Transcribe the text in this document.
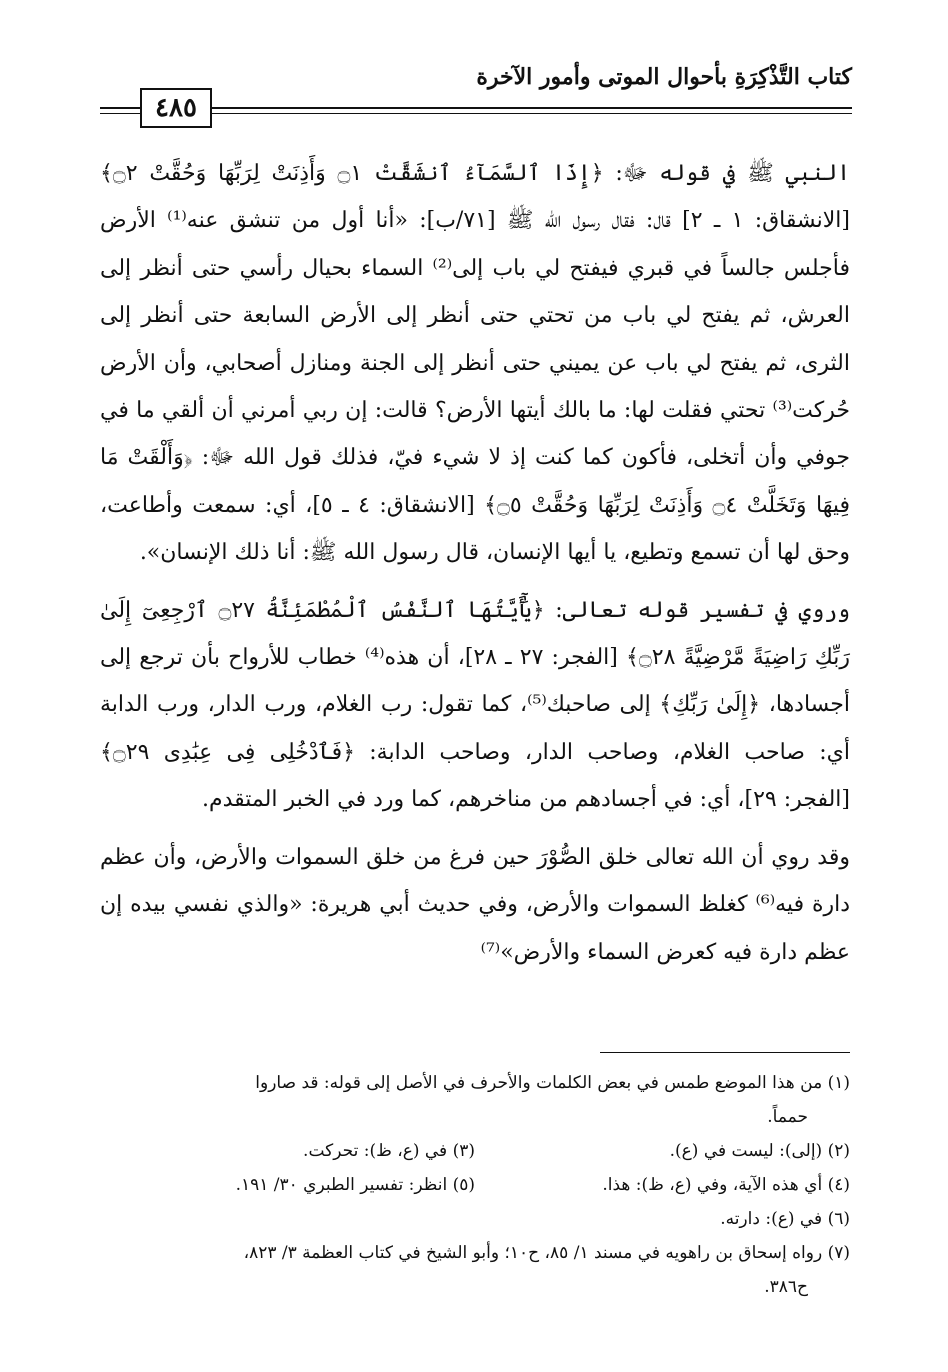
كتاب التَّذْكِرَةِ بأحوال الموتى وأمور الآخرة
٤٨٥

النبي ﷺ في قوله ﷻ: ﴿إِذَا ٱلسَّمَآءُ ٱنشَقَّتْ ۝١ وَأَذِنَتْ لِرَبِّهَا وَحُقَّتْ ۝٢﴾ [الانشقاق: ١ ـ ٢] قال: فقال رسول الله ﷺ [٧١/ب]: «أنا أول من تنشق عنه⁽¹⁾ الأرض فأجلس جالساً في قبري فيفتح لي باب إلى⁽²⁾ السماء بحيال رأسي حتى أنظر إلى العرش، ثم يفتح لي باب من تحتي حتى أنظر إلى الأرض السابعة حتى أنظر إلى الثرى، ثم يفتح لي باب عن يميني حتى أنظر إلى الجنة ومنازل أصحابي، وأن الأرض حُركت⁽³⁾ تحتي فقلت لها: ما بالك أيتها الأرض؟ قالت: إن ربي أمرني أن ألقي ما في جوفي وأن أتخلى، فأكون كما كنت إذ لا شيء فيّ، فذلك قول الله ﷻ: ﴿وَأَلْقَتْ مَا فِيهَا وَتَخَلَّتْ ۝٤ وَأَذِنَتْ لِرَبِّهَا وَحُقَّتْ ۝٥﴾ [الانشقاق: ٤ ـ ٥]، أي: سمعت وأطاعت، وحق لها أن تسمع وتطيع، يا أيها الإنسان، قال رسول الله ﷺ: أنا ذلك الإنسان».

وروي في تفسير قوله تعالى: ﴿يَٰٓأَيَّتُهَا ٱلنَّفْسُ ٱلْمُطْمَئِنَّةُ ۝٢٧ ٱرْجِعِىٓ إِلَىٰ رَبِّكِ رَاضِيَةً مَّرْضِيَّةً ۝٢٨﴾ [الفجر: ٢٧ ـ ٢٨]، أن هذه⁽⁴⁾ خطاب للأرواح بأن ترجع إلى أجسادها، ﴿إِلَىٰ رَبِّكِ﴾ إلى صاحبك⁽⁵⁾، كما تقول: رب الغلام، ورب الدار، ورب الدابة أي: صاحب الغلام، وصاحب الدار، وصاحب الدابة: ﴿فَٱدْخُلِى فِى عِبَٰدِى ۝٢٩﴾ [الفجر: ٢٩]، أي: في أجسادهم من مناخرهم، كما ورد في الخبر المتقدم.

وقد روي أن الله تعالى خلق الصُّوْرَ حين فرغ من خلق السموات والأرض، وأن عظم دارة فيه⁽⁶⁾ كغلظ السموات والأرض، وفي حديث أبي هريرة: «والذي نفسي بيده إن عظم دارة فيه كعرض السماء والأرض»⁽⁷⁾

(١) من هذا الموضع طمس في بعض الكلمات والأحرف في الأصل إلى قوله: قد صاروا
حمماً.
(٢) (إلى): ليست في (ع).
(٣) في (ع، ظ): تحركت.
(٤) أي هذه الآية، وفي (ع، ظ): هذا.
(٥) انظر: تفسير الطبري ٣٠/ ١٩١.
(٦) في (ع): دارته.
(٧) رواه إسحاق بن راهويه في مسند ١/ ٨٥، ح١٠؛ وأبو الشيخ في كتاب العظمة ٣/ ٨٢٣،
ح٣٨٦.
